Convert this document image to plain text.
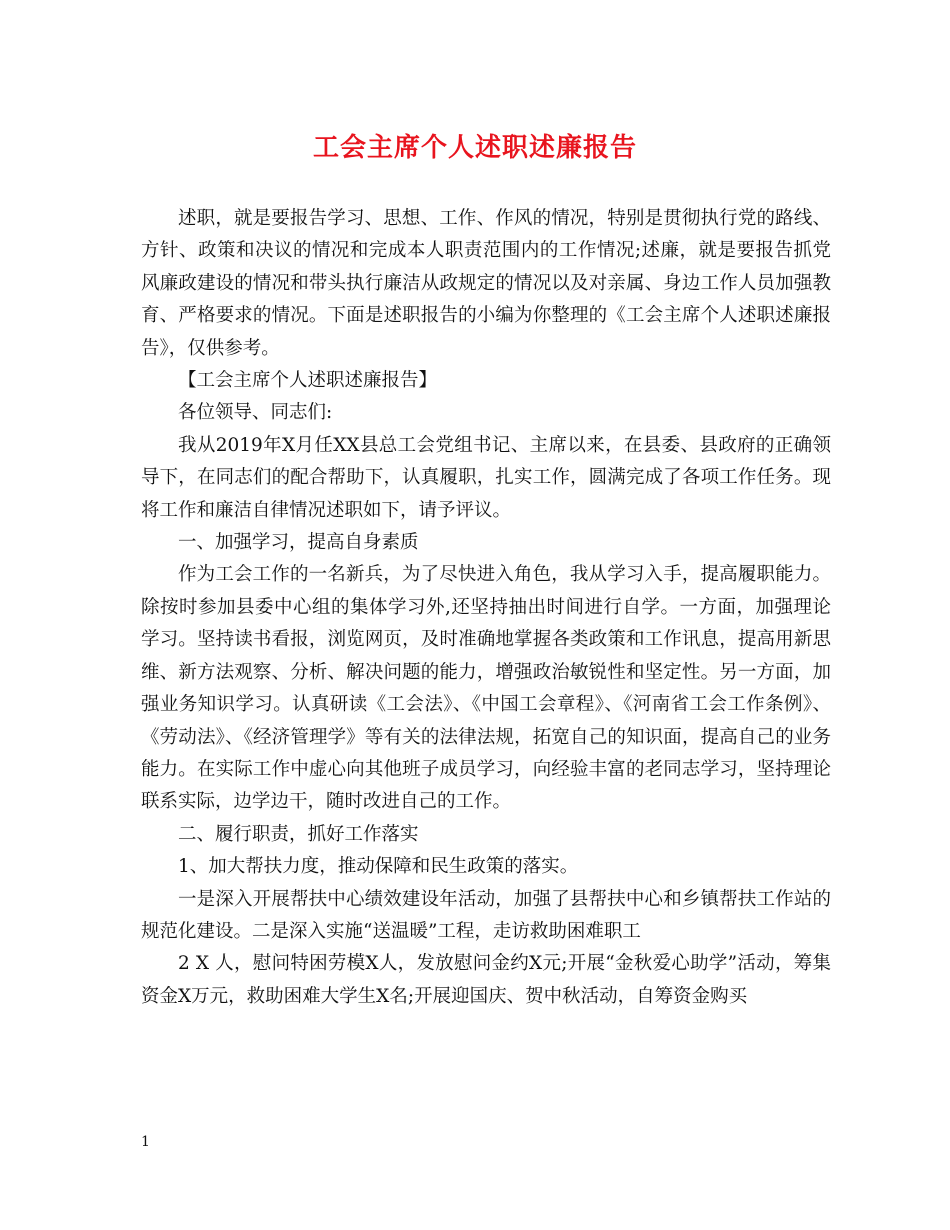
工会主席个人述职述廉报告

述职，就是要报告学习、思想、工作、作风的情况，特别是贯彻执行党的路线、方针、政策和决议的情况和完成本人职责范围内的工作情况;述廉，就是要报告抓党风廉政建设的情况和带头执行廉洁从政规定的情况以及对亲属、身边工作人员加强教育、严格要求的情况。下面是述职报告的小编为你整理的《工会主席个人述职述廉报告》，仅供参考。

【工会主席个人述职述廉报告】

各位领导、同志们:

我从2019年X月任XX县总工会党组书记、主席以来，在县委、县政府的正确领导下，在同志们的配合帮助下，认真履职，扎实工作，圆满完成了各项工作任务。现将工作和廉洁自律情况述职如下，请予评议。

一、加强学习，提高自身素质

作为工会工作的一名新兵，为了尽快进入角色，我从学习入手，提高履职能力。除按时参加县委中心组的集体学习外,还坚持抽出时间进行自学。一方面，加强理论学习。坚持读书看报，浏览网页，及时准确地掌握各类政策和工作讯息，提高用新思维、新方法观察、分析、解决问题的能力，增强政治敏锐性和坚定性。另一方面，加强业务知识学习。认真研读《工会法》、《中国工会章程》、《河南省工会工作条例》、《劳动法》、《经济管理学》等有关的法律法规，拓宽自己的知识面，提高自己的业务能力。在实际工作中虚心向其他班子成员学习，向经验丰富的老同志学习，坚持理论联系实际，边学边干，随时改进自己的工作。

二、履行职责，抓好工作落实

1、加大帮扶力度，推动保障和民生政策的落实。

一是深入开展帮扶中心绩效建设年活动，加强了县帮扶中心和乡镇帮扶工作站的规范化建设。二是深入实施“送温暖”工程，走访救助困难职工

2 X 人，慰问特困劳模X人，发放慰问金约X元;开展“金秋爱心助学”活动，筹集资金X万元，救助困难大学生X名;开展迎国庆、贺中秋活动，自筹资金购买

1
